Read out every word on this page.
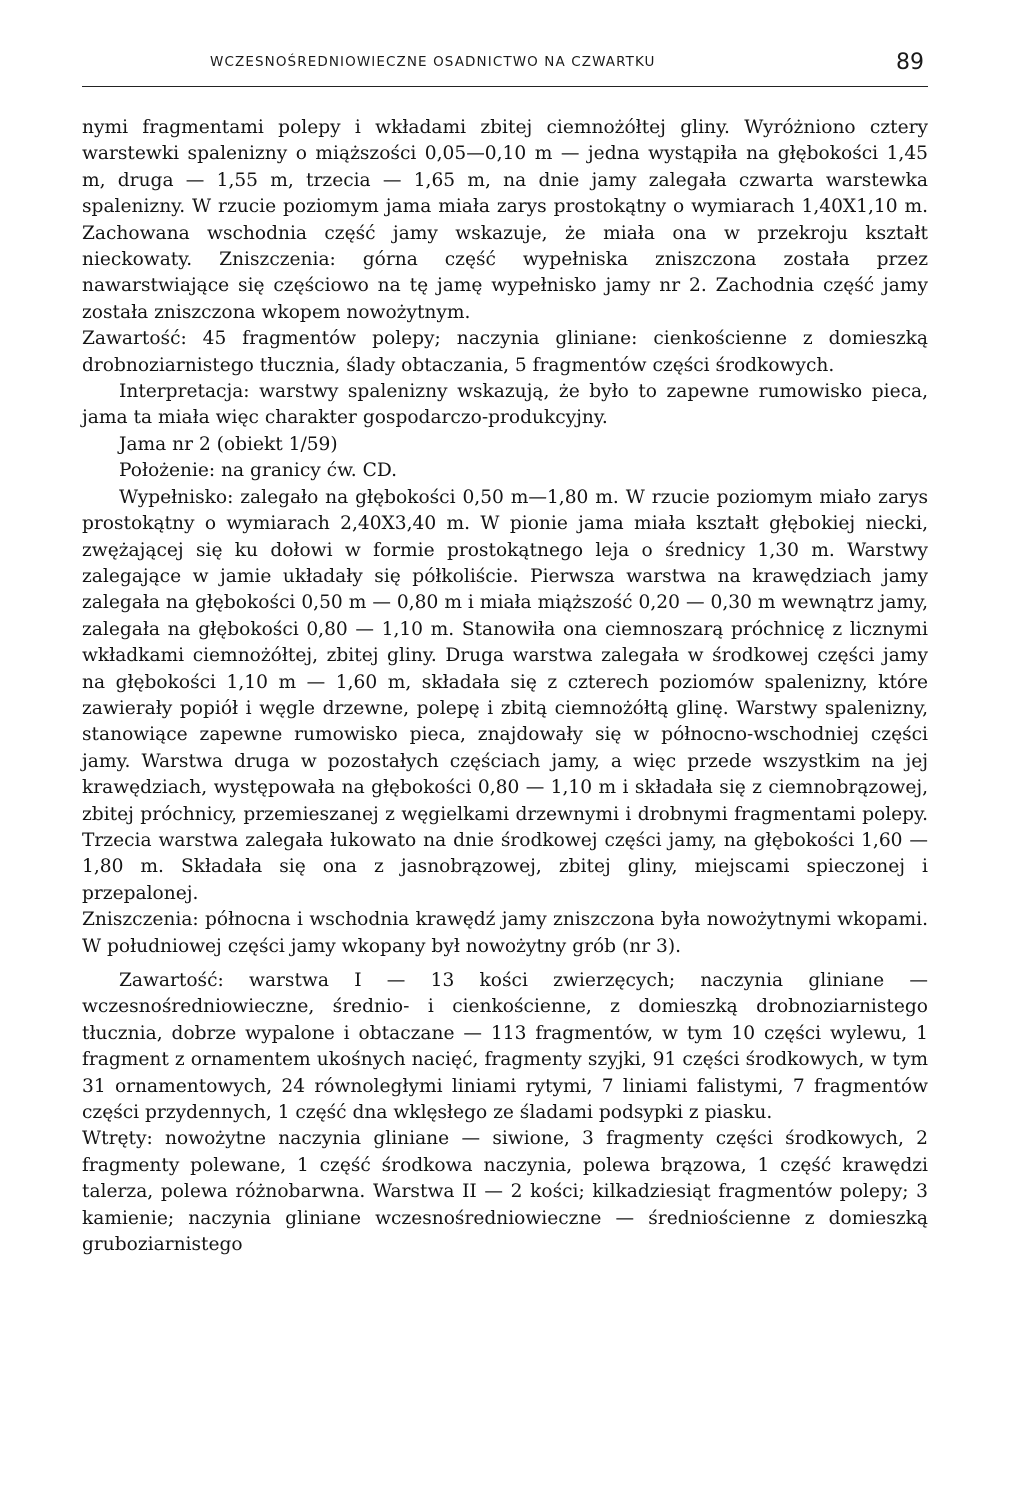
WCZESNOŚREDNIOWIECZNE OSADNICTWO NA CZWARTKU	89

nymi fragmentami polepy i wkładami zbitej ciemnożółtej gliny. Wyróżniono cztery warstewki spalenizny o miąższości 0,05—0,10 m — jedna wystąpiła na głębokości 1,45 m, druga — 1,55 m, trzecia — 1,65 m, na dnie jamy zalegała czwarta warstewka spalenizny. W rzucie poziomym jama miała zarys prostokątny o wymiarach 1,40X1,10 m. Zachowana wschodnia część jamy wskazuje, że miała ona w przekroju kształt nieckowaty. Zniszczenia: górna część wypełniska zniszczona została przez nawarstwiające się częściowo na tę jamę wypełnisko jamy nr 2. Zachodnia część jamy została zniszczona wkopem nowożytnym.

Zawartość: 45 fragmentów polepy; naczynia gliniane: cienkościenne z domieszką drobnoziarnistego tłucznia, ślady obtaczania, 5 fragmentów części środkowych.

Interpretacja: warstwy spalenizny wskazują, że było to zapewne rumowisko pieca, jama ta miała więc charakter gospodarczo-produkcyjny.

Jama nr 2 (obiekt 1/59)

Położenie: na granicy ćw. CD.

Wypełnisko: zalegało na głębokości 0,50 m—1,80 m. W rzucie poziomym miało zarys prostokątny o wymiarach 2,40X3,40 m. W pionie jama miała kształt głębokiej niecki, zwężającej się ku dołowi w formie prostokątnego leja o średnicy 1,30 m. Warstwy zalegające w jamie układały się półkoliście. Pierwsza warstwa na krawędziach jamy zalegała na głębokości 0,50 m — 0,80 m i miała miąższość 0,20 — 0,30 m wewnątrz jamy, zalegała na głębokości 0,80 — 1,10 m. Stanowiła ona ciemnoszarą próchnicę z licznymi wkładkami ciemnożółtej, zbitej gliny. Druga warstwa zalegała w środkowej części jamy na głębokości 1,10 m — 1,60 m, składała się z czterech poziomów spalenizny, które zawierały popiół i węgle drzewne, polepę i zbitą ciemnożółtą glinę. Warstwy spalenizny, stanowiące zapewne rumowisko pieca, znajdowały się w północno-wschodniej części jamy. Warstwa druga w pozostałych częściach jamy, a więc przede wszystkim na jej krawędziach, występowała na głębokości 0,80 — 1,10 m i składała się z ciemnobrązowej, zbitej próchnicy, przemieszanej z węgielkami drzewnymi i drobnymi fragmentami polepy. Trzecia warstwa zalegała łukowato na dnie środkowej części jamy, na głębokości 1,60 — 1,80 m. Składała się ona z jasnobrązowej, zbitej gliny, miejscami spieczonej i przepalonej.

Zniszczenia: północna i wschodnia krawędź jamy zniszczona była nowożytnymi wkopami. W południowej części jamy wkopany był nowożytny grób (nr 3).

Zawartość: warstwa I — 13 kości zwierzęcych; naczynia gliniane — wczesnośredniowieczne, średnio- i cienkościenne, z domieszką drobnoziarnistego tłucznia, dobrze wypalone i obtaczane — 113 fragmentów, w tym 10 części wylewu, 1 fragment z ornamentem ukośnych nacięć, fragmenty szyjki, 91 części środkowych, w tym 31 ornamentowych, 24 równoległymi liniami rytymi, 7 liniami falistymi, 7 fragmentów części przydennych, 1 część dna wklęsłego ze śladami podsypki z piasku.

Wtręty: nowożytne naczynia gliniane — siwione, 3 fragmenty części środkowych, 2 fragmenty polewane, 1 część środkowa naczynia, polewa brązowa, 1 część krawędzi talerza, polewa różnobarwna. Warstwa II — 2 kości; kilkadziesiąt fragmentów polepy; 3 kamienie; naczynia gliniane wczesnośredniowieczne — średniościenne z domieszką gruboziarnistego
